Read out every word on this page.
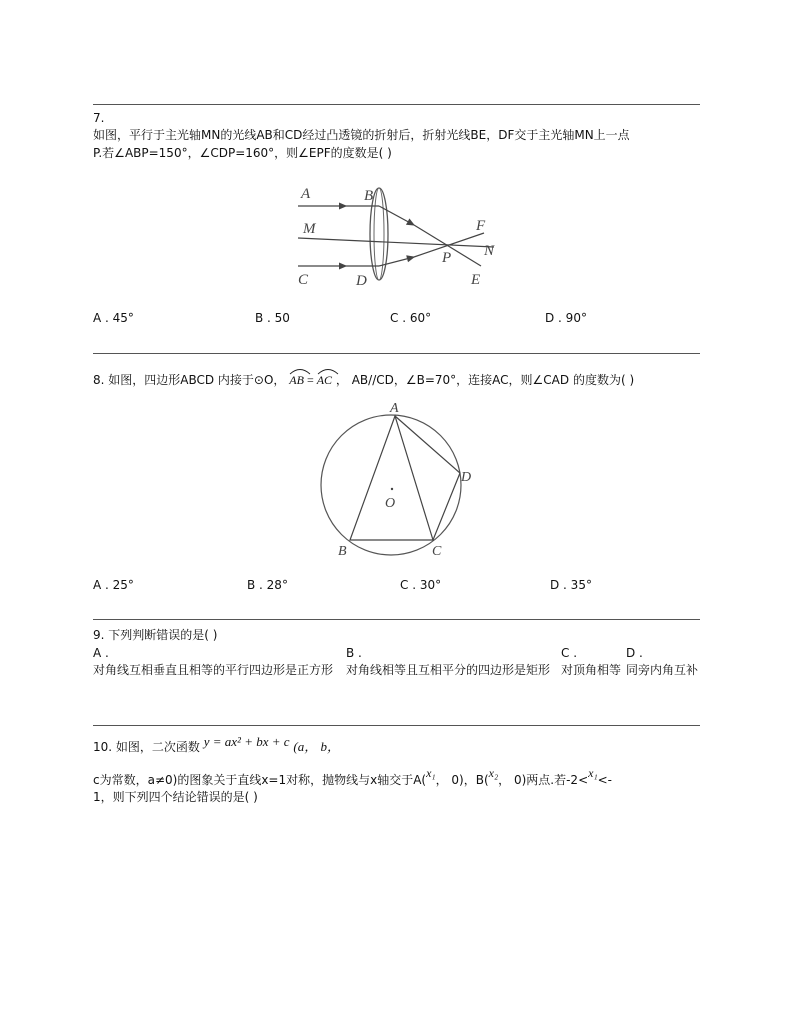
7.
如图，平行于主光轴MN的光线AB和CD经过凸透镜的折射后，折射光线BE，DF交于主光轴MN上一点
P.若∠ABP=150°，∠CDP=160°，则∠EPF的度数是( )
A	B
M
C	D
P
F
N
E
A . 45°	B . 50	C . 60°	D . 90°
8. 如图，四边形ABCD 内接于⊙O， AB =
AC ， AB//CD，∠B=70°，连接AC，则∠CAD 的度数为( )
A
B	C
D
O
A . 25°	B . 28°	C . 30°	D . 35°
9. 下列判断错误的是( )
A .
对角线互相垂直且相等的平行四边形是正方形
B .
对角线相等且互相平分的四边形是矩形
C .
对顶角相等
D .
同旁内角互补
10. 如图，二次函数 y = ax² + bx + c (a， b，
c为常数，a≠0)的图象关于直线x=1对称，抛物线与x轴交于A(x₁， 0)，B(x₂， 0)两点.若-2<x₁<-
1，则下列四个结论错误的是( )
